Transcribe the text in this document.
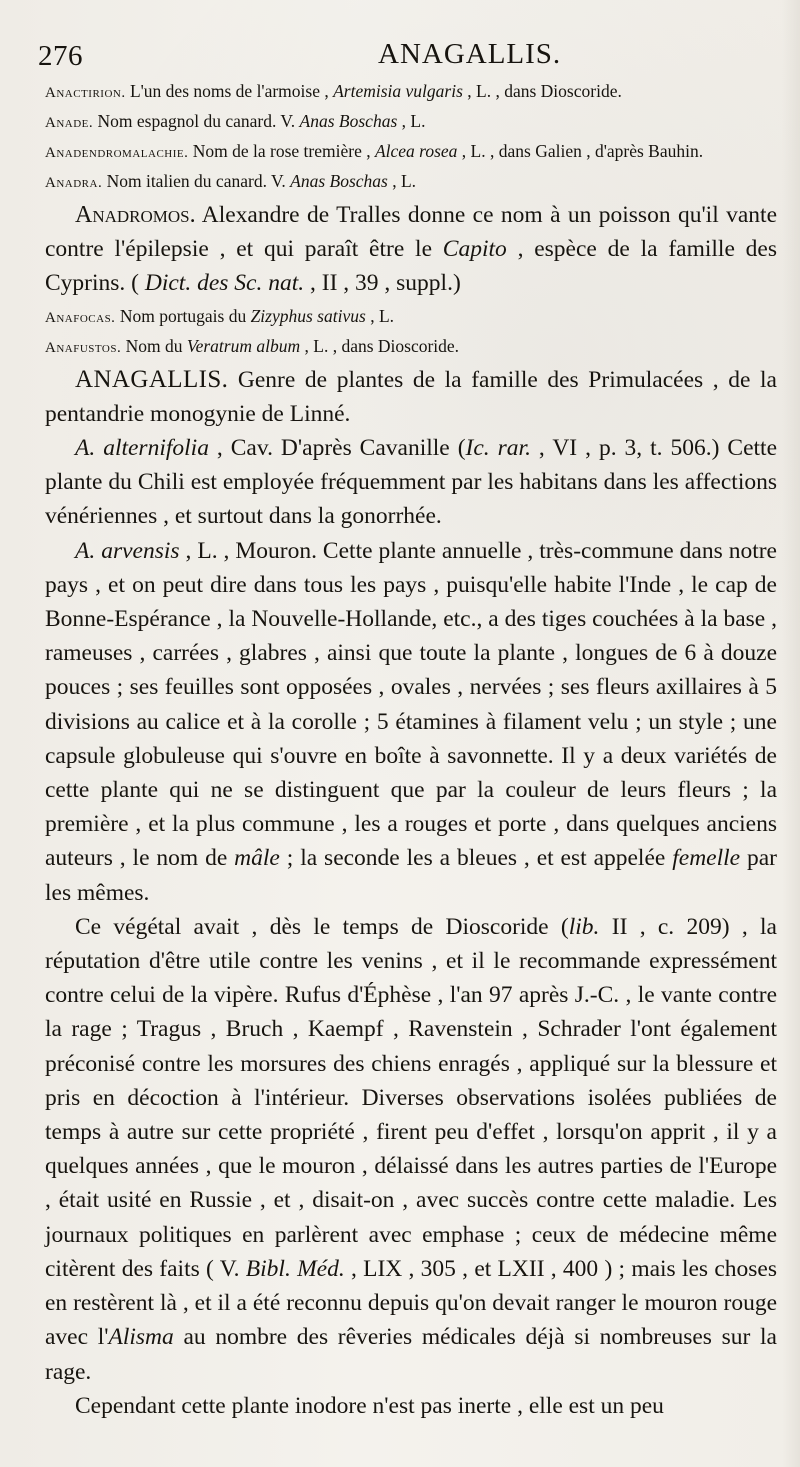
276	ANAGALLIS.

Anactirion. L'un des noms de l'armoise , Artemisia vulgaris , L. , dans Dioscoride.

Anade. Nom espagnol du canard. V. Anas Boschas , L.

Anadendromalachie. Nom de la rose tremière , Alcea rosea , L. , dans Galien , d'après Bauhin.

Anadra. Nom italien du canard. V. Anas Boschas , L.

Anadromos. Alexandre de Tralles donne ce nom à un poisson qu'il vante contre l'épilepsie , et qui paraît être le Capito , espèce de la famille des Cyprins. ( Dict. des Sc. nat. , II , 39 , suppl.)

Anafocas. Nom portugais du Zizyphus sativus , L.

Anafustos. Nom du Veratrum album , L. , dans Dioscoride.

ANAGALLIS. Genre de plantes de la famille des Primulacées , de la pentandrie monogynie de Linné.

A. alternifolia , Cav. D'après Cavanille (Ic. rar. , VI , p. 3, t. 506.) Cette plante du Chili est employée fréquemment par les habitans dans les affections vénériennes , et surtout dans la gonorrhée.

A. arvensis , L. , Mouron. Cette plante annuelle , très-commune dans notre pays , et on peut dire dans tous les pays , puisqu'elle habite l'Inde , le cap de Bonne-Espérance , la Nouvelle-Hollande, etc., a des tiges couchées à la base , rameuses , carrées , glabres , ainsi que toute la plante , longues de 6 à douze pouces ; ses feuilles sont opposées , ovales , nervées ; ses fleurs axillaires à 5 divisions au calice et à la corolle ; 5 étamines à filament velu ; un style ; une capsule globuleuse qui s'ouvre en boîte à savonnette. Il y a deux variétés de cette plante qui ne se distinguent que par la couleur de leurs fleurs ; la première , et la plus commune , les a rouges et porte , dans quelques anciens auteurs , le nom de mâle ; la seconde les a bleues , et est appelée femelle par les mêmes.

Ce végétal avait , dès le temps de Dioscoride (lib. II , c. 209) , la réputation d'être utile contre les venins , et il le recommande expressément contre celui de la vipère. Rufus d'Éphèse , l'an 97 après J.-C. , le vante contre la rage ; Tragus , Bruch , Kaempf , Ravenstein , Schrader l'ont également préconisé contre les morsures des chiens enragés , appliqué sur la blessure et pris en décoction à l'intérieur. Diverses observations isolées publiées de temps à autre sur cette propriété , firent peu d'effet , lorsqu'on apprit , il y a quelques années , que le mouron , délaissé dans les autres parties de l'Europe , était usité en Russie , et , disait-on , avec succès contre cette maladie. Les journaux politiques en parlèrent avec emphase ; ceux de médecine même citèrent des faits ( V. Bibl. Méd. , LIX , 305 , et LXII , 400 ) ; mais les choses en restèrent là , et il a été reconnu depuis qu'on devait ranger le mouron rouge avec l'Alisma au nombre des rêveries médicales déjà si nombreuses sur la rage.

Cependant cette plante inodore n'est pas inerte , elle est un peu
